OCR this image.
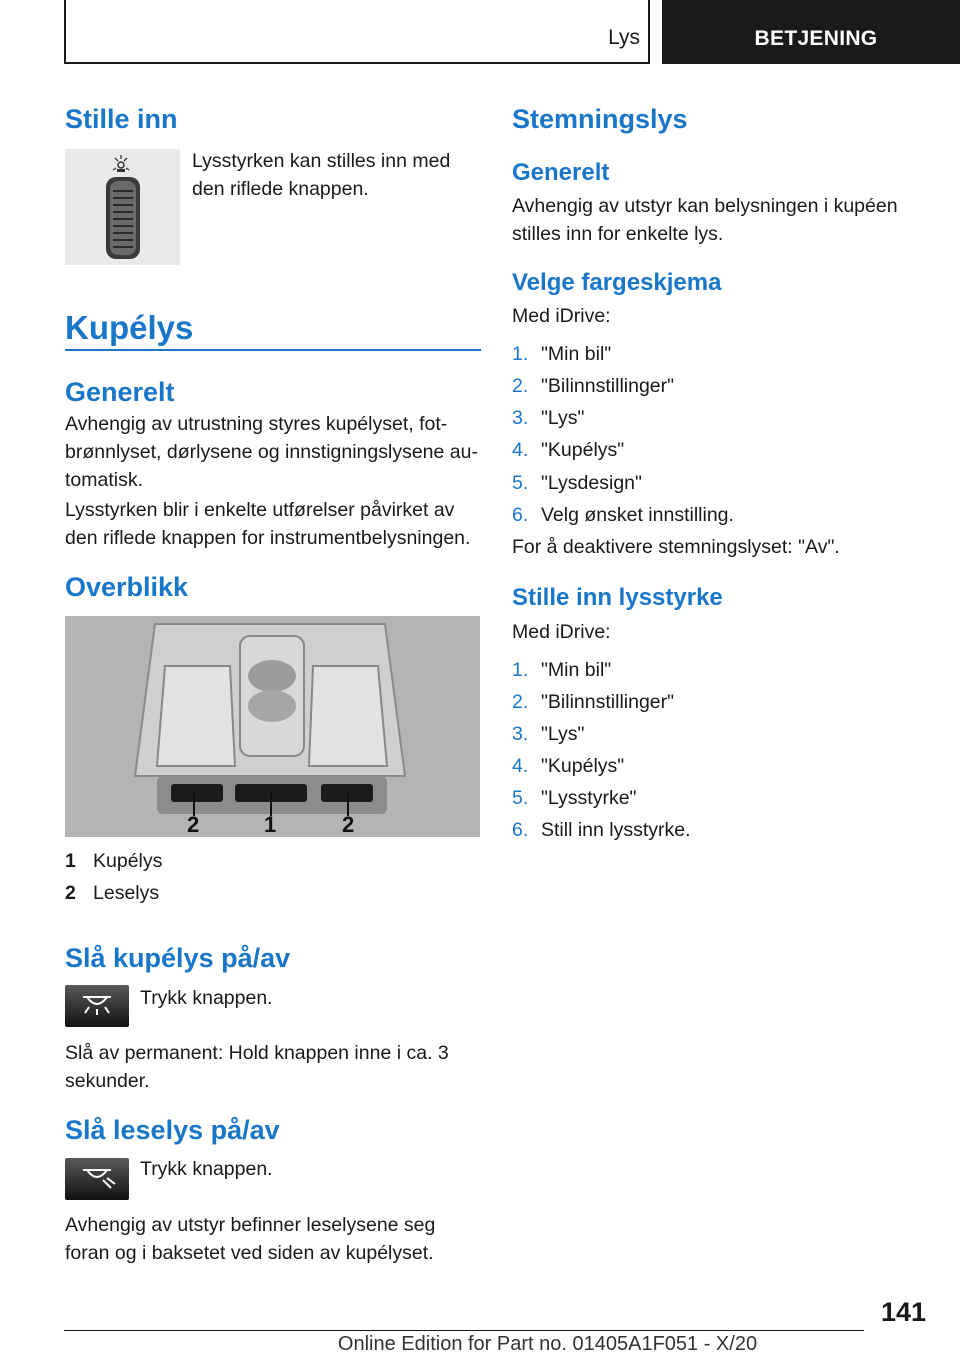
Lys	BETJENING
Stille inn
Lysstyrken kan stilles inn med den riflede knappen.
Kupélys
Generelt
Avhengig av utrustning styres kupélyset, fotbrønnlyset, dørlysene og innstigningslysene automatisk.
Lysstyrken blir i enkelte utførelser påvirket av den riflede knappen for instrumentbelysningen.
Overblikk
2	1	2
1 Kupélys
2 Leselys
Slå kupélys på/av
Trykk knappen.
Slå av permanent: Hold knappen inne i ca. 3 sekunder.
Slå leselys på/av
Trykk knappen.
Avhengig av utstyr befinner leselysene seg foran og i baksetet ved siden av kupélyset.
Stemningslys
Generelt
Avhengig av utstyr kan belysningen i kupéen stilles inn for enkelte lys.
Velge fargeskjema
Med iDrive:
1. "Min bil"
2. "Bilinnstillinger"
3. "Lys"
4. "Kupélys"
5. "Lysdesign"
6. Velg ønsket innstilling.
For å deaktivere stemningslyset: "Av".
Stille inn lysstyrke
Med iDrive:
1. "Min bil"
2. "Bilinnstillinger"
3. "Lys"
4. "Kupélys"
5. "Lysstyrke"
6. Still inn lysstyrke.
141
Online Edition for Part no. 01405A1F051 - X/20
